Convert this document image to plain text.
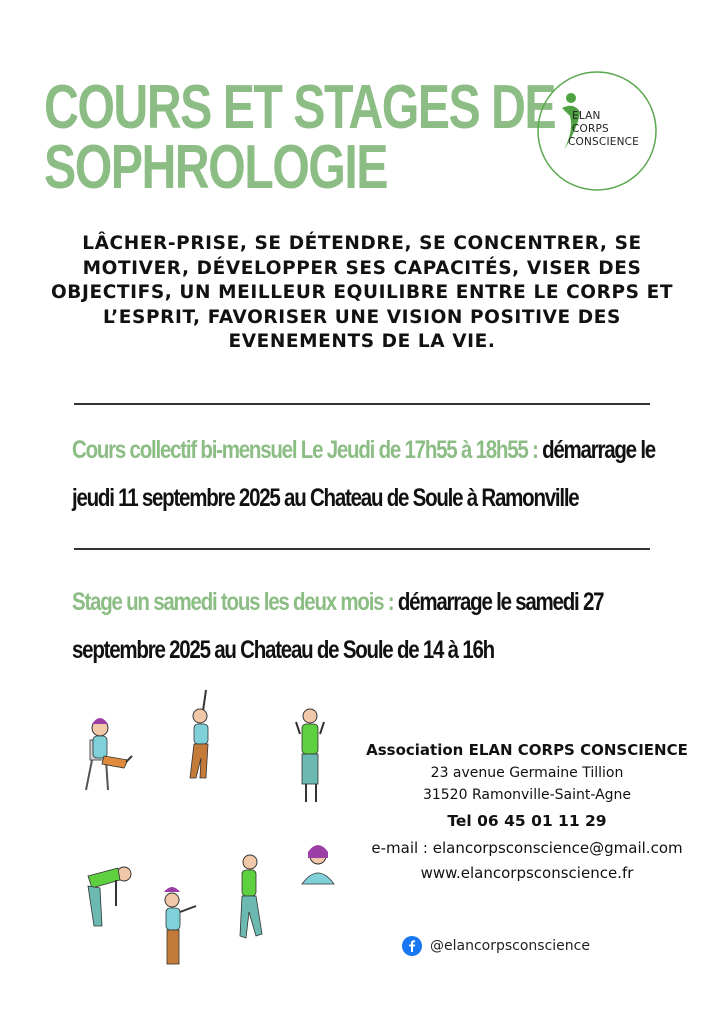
COURS ET STAGES DE
SOPHROLOGIE
ELAN
CORPS
CONSCIENCE
LÂCHER-PRISE, SE DÉTENDRE, SE CONCENTRER, SE MOTIVER, DÉVELOPPER SES CAPACITÉS, VISER DES OBJECTIFS, UN MEILLEUR EQUILIBRE ENTRE LE CORPS ET L’ESPRIT, FAVORISER UNE VISION POSITIVE DES EVENEMENTS DE LA VIE.
Cours collectif bi-mensuel Le Jeudi de 17h55 à 18h55 : démarrage le
jeudi 11 septembre 2025 au Chateau de Soule à Ramonville
Stage un samedi tous les deux mois : démarrage le samedi 27
septembre 2025 au Chateau de Soule de 14 à 16h
Association ELAN CORPS CONSCIENCE
23 avenue Germaine Tillion
31520 Ramonville-Saint-Agne
Tel 06 45 01 11 29
e-mail : elancorpsconscience@gmail.com
www.elancorpsconscience.fr
@elancorpsconscience
